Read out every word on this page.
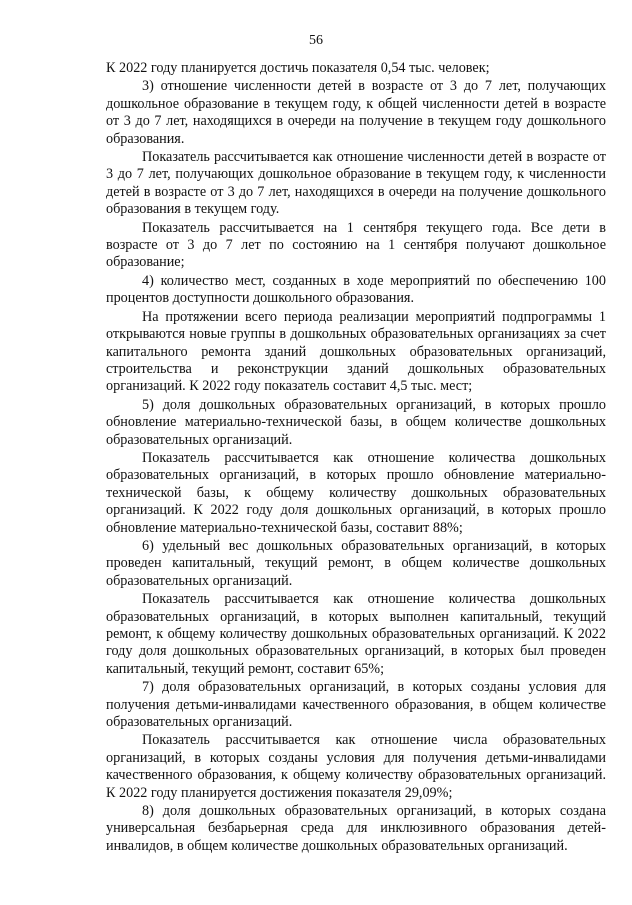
56

К 2022 году планируется достичь показателя 0,54 тыс. человек;

3) отношение численности детей в возрасте от 3 до 7 лет, получающих дошкольное образование в текущем году, к общей численности детей в возрасте от 3 до 7 лет, находящихся в очереди на получение в текущем году дошкольного образования.

Показатель рассчитывается как отношение численности детей в возрасте от 3 до 7 лет, получающих дошкольное образование в текущем году, к численности детей в возрасте от 3 до 7 лет, находящихся в очереди на получение дошкольного образования в текущем году.

Показатель рассчитывается на 1 сентября текущего года. Все дети в возрасте от 3 до 7 лет по состоянию на 1 сентября получают дошкольное образование;

4) количество мест, созданных в ходе мероприятий по обеспечению 100 процентов доступности дошкольного образования.

На протяжении всего периода реализации мероприятий подпрограммы 1 открываются новые группы в дошкольных образовательных организациях за счет капитального ремонта зданий дошкольных образовательных организаций, строительства и реконструкции зданий дошкольных образовательных организаций. К 2022 году показатель составит 4,5 тыс. мест;

5) доля дошкольных образовательных организаций, в которых прошло обновление материально-технической базы, в общем количестве дошкольных образовательных организаций.

Показатель рассчитывается как отношение количества дошкольных образовательных организаций, в которых прошло обновление материально-технической базы, к общему количеству дошкольных образовательных организаций. К 2022 году доля дошкольных организаций, в которых прошло обновление материально-технической базы, составит 88%;

6) удельный вес дошкольных образовательных организаций, в которых проведен капитальный, текущий ремонт, в общем количестве дошкольных образовательных организаций.

Показатель рассчитывается как отношение количества дошкольных образовательных организаций, в которых выполнен капитальный, текущий ремонт, к общему количеству дошкольных образовательных организаций. К 2022 году доля дошкольных образовательных организаций, в которых был проведен капитальный, текущий ремонт, составит 65%;

7) доля образовательных организаций, в которых созданы условия для получения детьми-инвалидами качественного образования, в общем количестве образовательных организаций.

Показатель рассчитывается как отношение числа образовательных организаций, в которых созданы условия для получения детьми-инвалидами качественного образования, к общему количеству образовательных организаций. К 2022 году планируется достижения показателя 29,09%;

8) доля дошкольных образовательных организаций, в которых создана универсальная безбарьерная среда для инклюзивного образования детей-инвалидов, в общем количестве дошкольных образовательных организаций.
